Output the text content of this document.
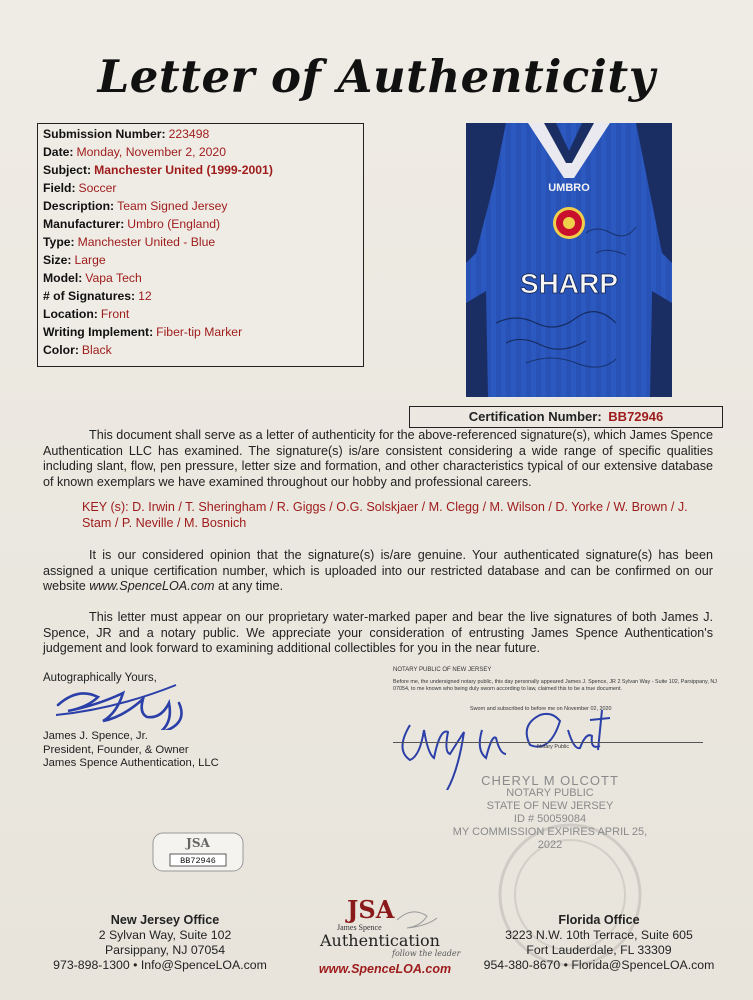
Letter of Authenticity
Submission Number: 223498
Date: Monday, November 2, 2020
Subject: Manchester United (1999-2001)
Field: Soccer
Description: Team Signed Jersey
Manufacturer: Umbro (England)
Type: Manchester United - Blue
Size: Large
Model: Vapa Tech
# of Signatures: 12
Location: Front
Writing Implement: Fiber-tip Marker
Color: Black
UMBRO
SHARP
Certification Number: BB72946
This document shall serve as a letter of authenticity for the above-referenced signature(s), which James Spence Authentication LLC has examined. The signature(s) is/are consistent considering a wide range of specific qualities including slant, flow, pen pressure, letter size and formation, and other characteristics typical of our extensive database of known exemplars we have examined throughout our hobby and professional careers.
KEY (s): D. Irwin / T. Sheringham / R. Giggs / O.G. Solskjaer / M. Clegg / M. Wilson / D. Yorke / W. Brown / J. Stam / P. Neville / M. Bosnich
It is our considered opinion that the signature(s) is/are genuine. Your authenticated signature(s) has been assigned a unique certification number, which is uploaded into our restricted database and can be confirmed on our website www.SpenceLOA.com at any time.
This letter must appear on our proprietary water-marked paper and bear the live signatures of both James J. Spence, JR and a notary public. We appreciate your consideration of entrusting James Spence Authentication's judgement and look forward to examining additional collectibles for you in the near future.
Autographically Yours,
James J. Spence, Jr.
President, Founder, & Owner
James Spence Authentication, LLC
NOTARY PUBLIC OF NEW JERSEY
Before me, the undersigned notary public, this day personally appeared James J. Spence, JR 2 Sylvan Way - Suite 102, Parsippany, NJ 07054, to me known who being duly sworn according to law, claimed this to be a true document.
Sworn and subscribed to before me on November 02, 2020
Notary Public
CHERYL M OLCOTT
NOTARY PUBLIC
STATE OF NEW JERSEY
ID # 50059084
MY COMMISSION EXPIRES APRIL 25, 2022
JSA
BB72946
New Jersey Office
2 Sylvan Way, Suite 102
Parsippany, NJ 07054
973-898-1300 • Info@SpenceLOA.com
Florida Office
3223 N.W. 10th Terrace, Suite 605
Fort Lauderdale, FL 33309
954-380-8670 • Florida@SpenceLOA.com
JSA
James Spence
Authentication
follow the leader
www.SpenceLOA.com
